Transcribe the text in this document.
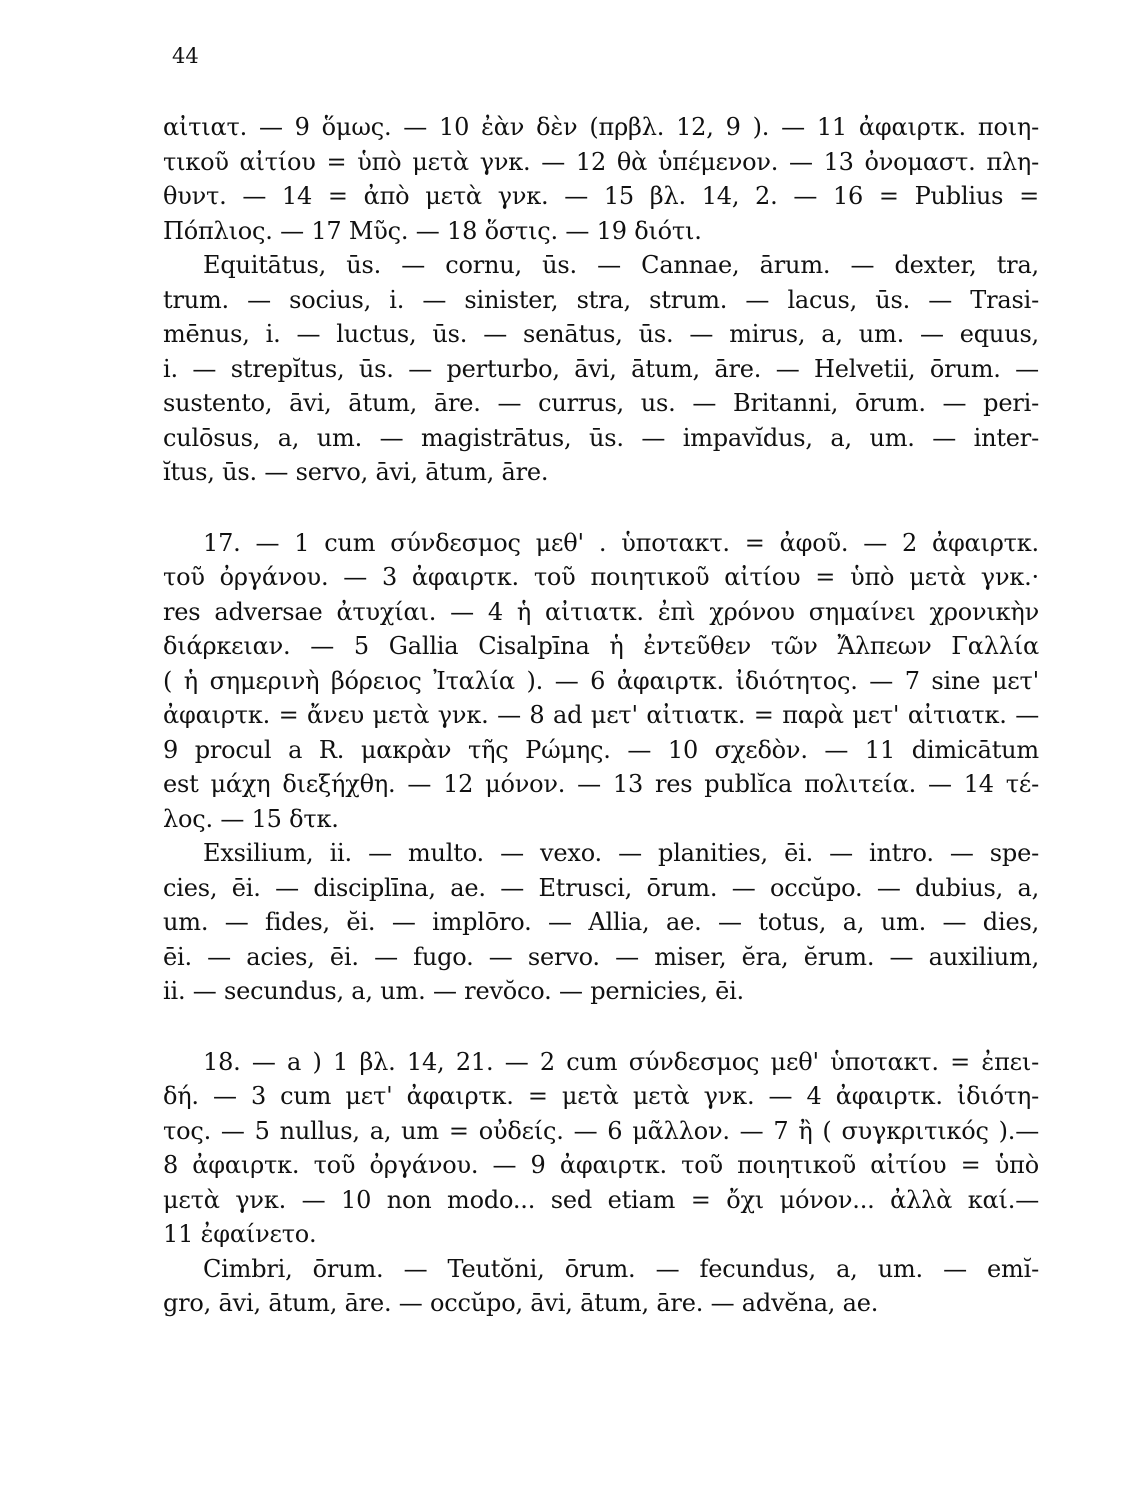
44
αἰτιατ. — 9 ὅμως. — 10 ἐὰν δὲν (πρβλ. 12, 9 ). — 11 ἀφαιρτκ. ποιη-
τικοῦ αἰτίου = ὑπὸ μετὰ γνκ. — 12 θὰ ὑπέμενον. — 13 ὀνομαστ. πλη-
θυντ. — 14 = ἀπὸ μετὰ γνκ. — 15 βλ. 14, 2. — 16 = Publius =
Πόπλιος. — 17 Μῦς. — 18 ὅστις. — 19 διότι.
Equitātus, ūs. — cornu, ūs. — Cannae, ārum. — dexter, tra,
trum. — socius, i. — sinister, stra, strum. — lacus, ūs. — Trasi-
mēnus, i. — luctus, ūs. — senātus, ūs. — mirus, a, um. — equus,
i. — strepĭtus, ūs. — perturbo, āvi, ātum, āre. — Helvetii, ōrum. —
sustento, āvi, ātum, āre. — currus, us. — Britanni, ōrum. — peri-
culōsus, a, um. — magistrātus, ūs. — impavĭdus, a, um. — inter-
ĭtus, ūs. — servo, āvi, ātum, āre.
17. — 1 cum σύνδεσμος μεθ' . ὑποτακτ. = ἀφοῦ. — 2 ἀφαιρτκ.
τοῦ ὀργάνου. — 3 ἀφαιρτκ. τοῦ ποιητικοῦ αἰτίου = ὑπὸ μετὰ γνκ.·
res adversae ἀτυχίαι. — 4 ἡ αἰτιατκ. ἐπὶ χρόνου σημαίνει χρονικὴν
διάρκειαν. — 5 Gallia Cisalpīna ἡ ἐντεῦθεν τῶν Ἄλπεων Γαλλία
( ἡ σημερινὴ βόρειος Ἰταλία ). — 6 ἀφαιρτκ. ἰδιότητος. — 7 sine μετ'
ἀφαιρτκ. = ἄνευ μετὰ γνκ. — 8 ad μετ' αἰτιατκ. = παρὰ μετ' αἰτιατκ. —
9 procul a R. μακρὰν τῆς Ρώμης. — 10 σχεδὸν. — 11 dimicātum
est μάχη διεξήχθη. — 12 μόνον. — 13 res publĭca πολιτεία. — 14 τέ-
λος. — 15 δτκ.
Exsilium, ii. — multo. — vexo. — planities, ēi. — intro. — spe-
cies, ēi. — disciplīna, ae. — Etrusci, ōrum. — occŭpo. — dubius, a,
um. — fides, ĕi. — implōro. — Allia, ae. — totus, a, um. — dies,
ēi. — acies, ēi. — fugo. — servo. — miser, ĕra, ĕrum. — auxilium,
ii. — secundus, a, um. — revŏco. — pernicies, ēi.
18. — a ) 1 βλ. 14, 21. — 2 cum σύνδεσμος μεθ' ὑποτακτ. = ἐπει-
δή. — 3 cum μετ' ἀφαιρτκ. = μετὰ μετὰ γνκ. — 4 ἀφαιρτκ. ἰδιότη-
τος. — 5 nullus, a, um = οὐδείς. — 6 μᾶλλον. — 7 ἢ ( συγκριτικός ).—
8 ἀφαιρτκ. τοῦ ὀργάνου. — 9 ἀφαιρτκ. τοῦ ποιητικοῦ αἰτίου = ὑπὸ
μετὰ γνκ. — 10 non modo... sed etiam = ὄχι μόνον... ἀλλὰ καί.—
11 ἐφαίνετο.
Cimbri, ōrum. — Teutŏni, ōrum. — fecundus, a, um. — emĭ-
gro, āvi, ātum, āre. — occŭpo, āvi, ātum, āre. — advĕna, ae.
